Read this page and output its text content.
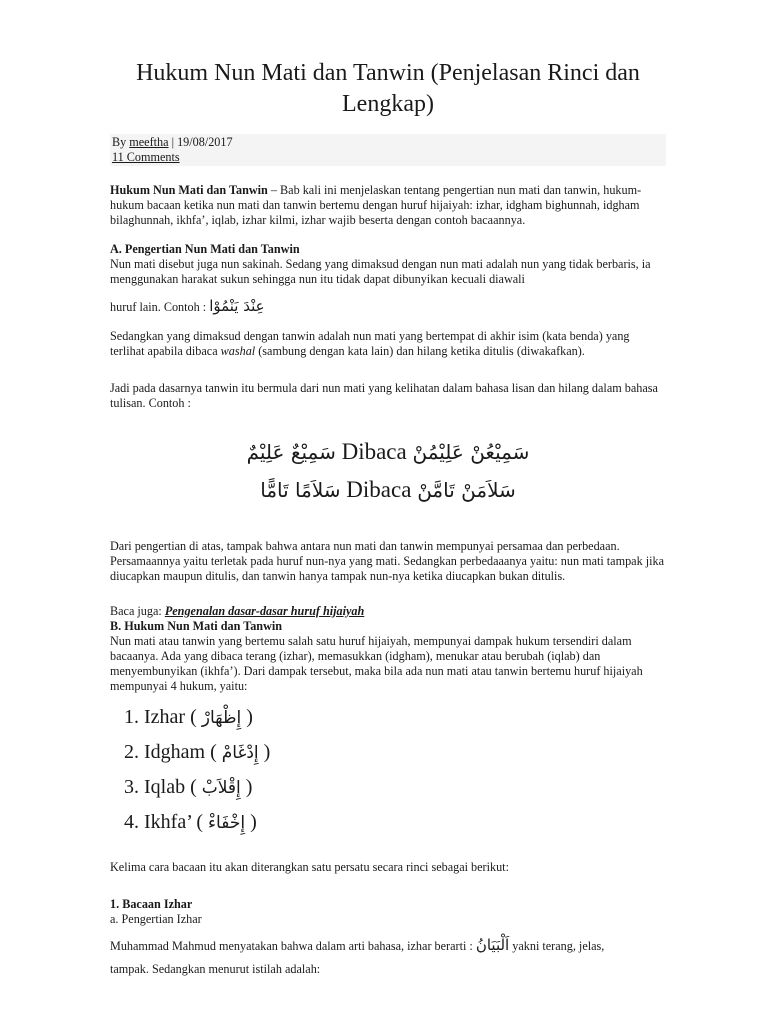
Hukum Nun Mati dan Tanwin (Penjelasan Rinci dan Lengkap)
By meeftha | 19/08/2017
11 Comments

Hukum Nun Mati dan Tanwin – Bab kali ini menjelaskan tentang pengertian nun mati dan tanwin, hukum-hukum bacaan ketika nun mati dan tanwin bertemu dengan huruf hijaiyah: izhar, idgham bighunnah, idgham bilaghunnah, ikhfa’, iqlab, izhar kilmi, izhar wajib beserta dengan contoh bacaannya.

A. Pengertian Nun Mati dan Tanwin
Nun mati disebut juga nun sakinah. Sedang yang dimaksud dengan nun mati adalah nun yang tidak berbaris, ia menggunakan harakat sukun sehingga nun itu tidak dapat dibunyikan kecuali diawali
huruf lain. Contoh : عِنْدَ يَنْمُوْا

Sedangkan yang dimaksud dengan tanwin adalah nun mati yang bertempat di akhir isim (kata benda) yang terlihat apabila dibaca washal (sambung dengan kata lain) dan hilang ketika ditulis (diwakafkan).

Jadi pada dasarnya tanwin itu bermula dari nun mati yang kelihatan dalam bahasa lisan dan hilang dalam bahasa tulisan. Contoh :

سَمِيْعٌ عَلِيْمٌ Dibaca سَمِيْعُنْ عَلِيْمُنْ
سَلاَمًا تَامًّا Dibaca سَلاَمَنْ تَامَّنْ

Dari pengertian di atas, tampak bahwa antara nun mati dan tanwin mempunyai persamaa dan perbedaan. Persamaannya yaitu terletak pada huruf nun-nya yang mati. Sedangkan perbedaaanya yaitu: nun mati tampak jika diucapkan maupun ditulis, dan tanwin hanya tampak nun-nya ketika diucapkan bukan ditulis.

Baca juga: Pengenalan dasar-dasar huruf hijaiyah
B. Hukum Nun Mati dan Tanwin
Nun mati atau tanwin yang bertemu salah satu huruf hijaiyah, mempunyai dampak hukum tersendiri dalam bacaanya. Ada yang dibaca terang (izhar), memasukkan (idgham), menukar atau berubah (iqlab) dan menyembunyikan (ikhfa’). Dari dampak tersebut, maka bila ada nun mati atau tanwin bertemu huruf hijaiyah mempunyai 4 hukum, yaitu:
1. Izhar ( إِظْهَارْ )
2. Idgham ( إِدْغَامْ )
3. Iqlab ( إِقْلاَبْ )
4. Ikhfa’ ( إِخْفَاءْ )

Kelima cara bacaan itu akan diterangkan satu persatu secara rinci sebagai berikut:

1. Bacaan Izhar
a. Pengertian Izhar
Muhammad Mahmud menyatakan bahwa dalam arti bahasa, izhar berarti : اَلْبَيَانُ yakni terang, jelas,
tampak. Sedangkan menurut istilah adalah:
